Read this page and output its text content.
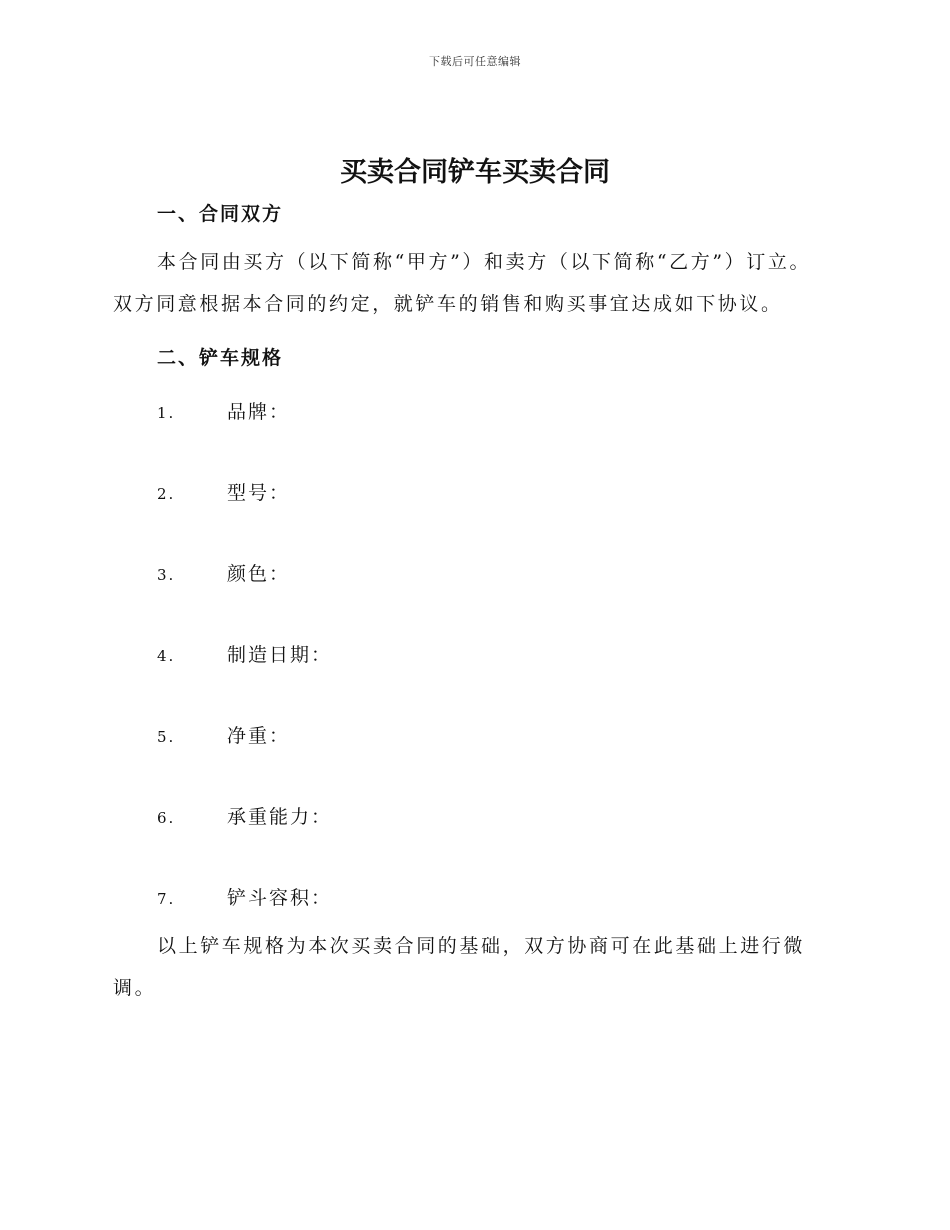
下载后可任意编辑
买卖合同铲车买卖合同
一、合同双方
本合同由买方（以下简称“甲方”）和卖方（以下简称“乙方”）订立。双方同意根据本合同的约定，就铲车的销售和购买事宜达成如下协议。
二、铲车规格
1.	品牌：
2.	型号：
3.	颜色：
4.	制造日期：
5.	净重：
6.	承重能力：
7.	铲斗容积：
以上铲车规格为本次买卖合同的基础，双方协商可在此基础上进行微调。
